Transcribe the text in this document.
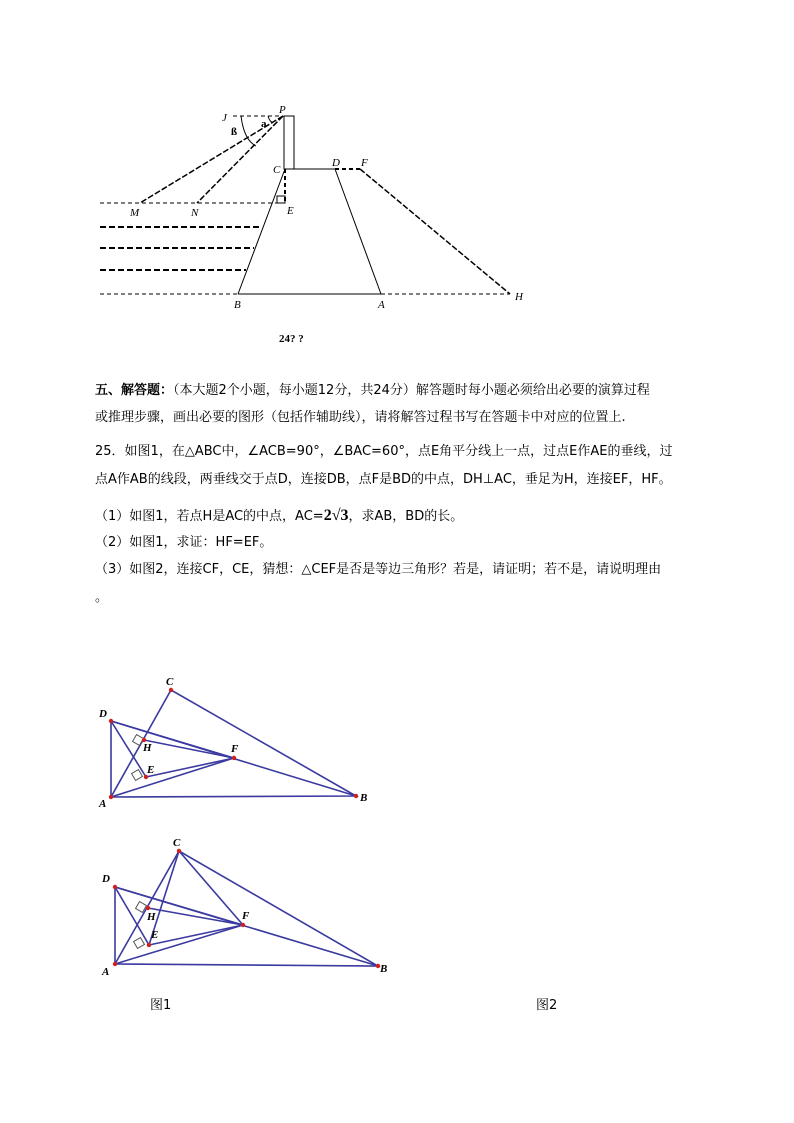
P
J	a
ß
C
D F
E
M	N
B	A
H
24? ?
C
D
H	F
E
A	B
C
D
H	F
E
A	B
五、解答题：（本大题2个小题，每小题12分，共24分）解答题时每小题必须给出必要的演算过程
或推理步骤，画出必要的图形（包括作辅助线），请将解答过程书写在答题卡中对应的位置上.
25．如图1，在△ABC中，∠ACB=90°，∠BAC=60°，点E角平分线上一点，过点E作AE的垂线，过
点A作AB的线段，两垂线交于点D，连接DB，点F是BD的中点，DH⊥AC，垂足为H，连接EF，HF。
（1）如图1，若点H是AC的中点，AC=2√3，求AB，BD的长。
（2）如图1，求证：HF=EF。
（3）如图2，连接CF，CE，猜想：△CEF是否是等边三角形？若是，请证明；若不是，请说明理由
。
图1	图2
